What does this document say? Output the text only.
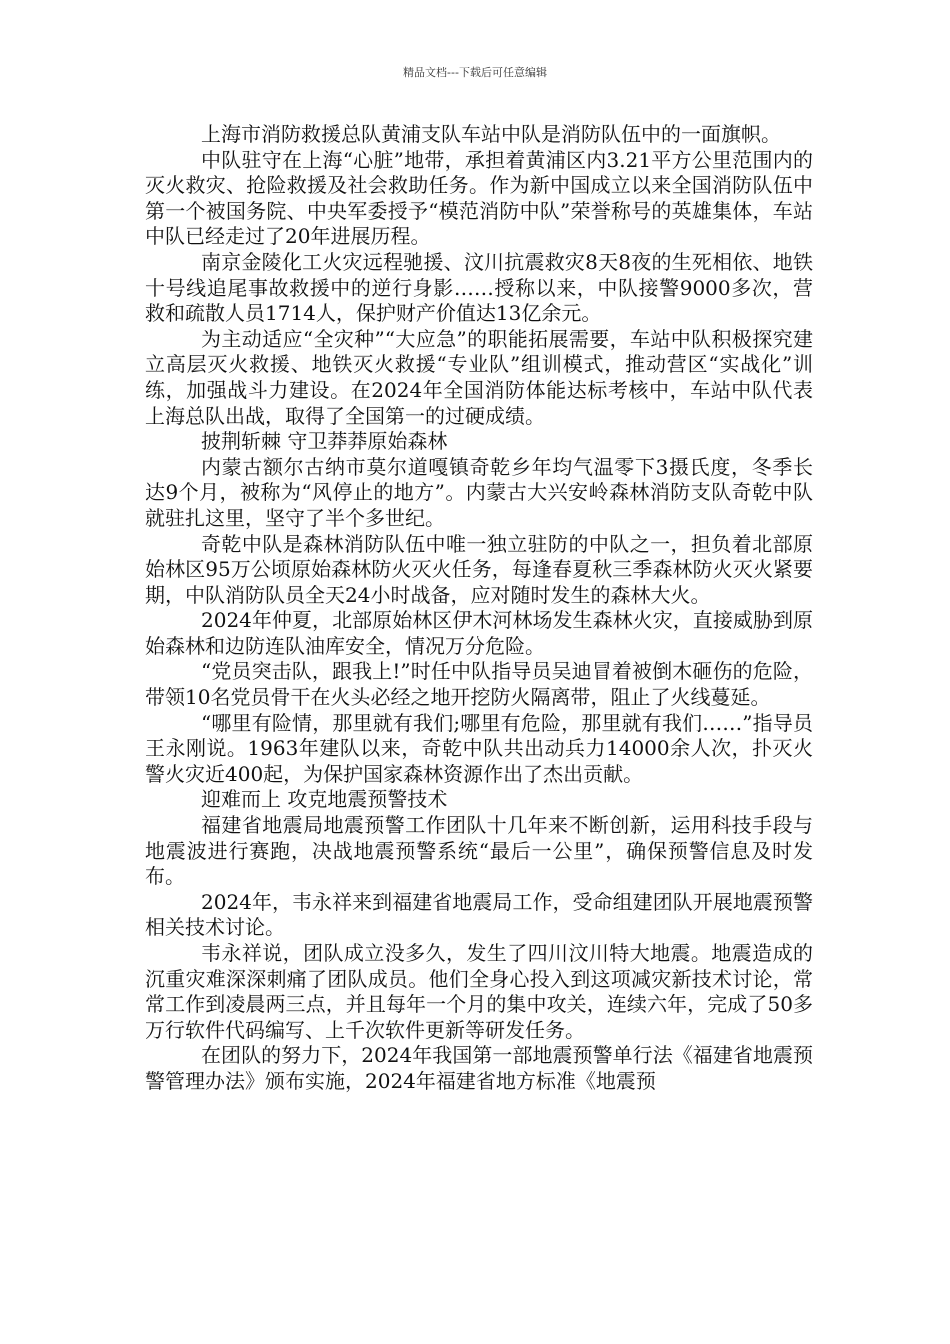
精品文档---下载后可任意编辑

上海市消防救援总队黄浦支队车站中队是消防队伍中的一面旗帜。

中队驻守在上海“心脏”地带，承担着黄浦区内3.21平方公里范围内的灭火救灾、抢险救援及社会救助任务。作为新中国成立以来全国消防队伍中第一个被国务院、中央军委授予“模范消防中队”荣誉称号的英雄集体，车站中队已经走过了20年进展历程。

南京金陵化工火灾远程驰援、汶川抗震救灾8天8夜的生死相依、地铁十号线追尾事故救援中的逆行身影……授称以来，中队接警9000多次，营救和疏散人员1714人，保护财产价值达13亿余元。

为主动适应“全灾种”“大应急”的职能拓展需要，车站中队积极探究建立高层灭火救援、地铁灭火救援“专业队”组训模式，推动营区“实战化”训练，加强战斗力建设。在2024年全国消防体能达标考核中，车站中队代表上海总队出战，取得了全国第一的过硬成绩。

披荆斩棘 守卫莽莽原始森林

内蒙古额尔古纳市莫尔道嘎镇奇乾乡年均气温零下3摄氏度，冬季长达9个月，被称为“风停止的地方”。内蒙古大兴安岭森林消防支队奇乾中队就驻扎这里，坚守了半个多世纪。

奇乾中队是森林消防队伍中唯一独立驻防的中队之一，担负着北部原始林区95万公顷原始森林防火灭火任务，每逢春夏秋三季森林防火灭火紧要期，中队消防队员全天24小时战备，应对随时发生的森林大火。

2024年仲夏，北部原始林区伊木河林场发生森林火灾，直接威胁到原始森林和边防连队油库安全，情况万分危险。

“党员突击队，跟我上!”时任中队指导员吴迪冒着被倒木砸伤的危险，带领10名党员骨干在火头必经之地开挖防火隔离带，阻止了火线蔓延。

“哪里有险情，那里就有我们;哪里有危险，那里就有我们……”指导员王永刚说。1963年建队以来，奇乾中队共出动兵力14000余人次，扑灭火警火灾近400起，为保护国家森林资源作出了杰出贡献。

迎难而上 攻克地震预警技术

福建省地震局地震预警工作团队十几年来不断创新，运用科技手段与地震波进行赛跑，决战地震预警系统“最后一公里”，确保预警信息及时发布。

2024年，韦永祥来到福建省地震局工作，受命组建团队开展地震预警相关技术讨论。

韦永祥说，团队成立没多久，发生了四川汶川特大地震。地震造成的沉重灾难深深刺痛了团队成员。他们全身心投入到这项减灾新技术讨论，常常工作到凌晨两三点，并且每年一个月的集中攻关，连续六年，完成了50多万行软件代码编写、上千次软件更新等研发任务。

在团队的努力下，2024年我国第一部地震预警单行法《福建省地震预警管理办法》颁布实施，2024年福建省地方标准《地震预
